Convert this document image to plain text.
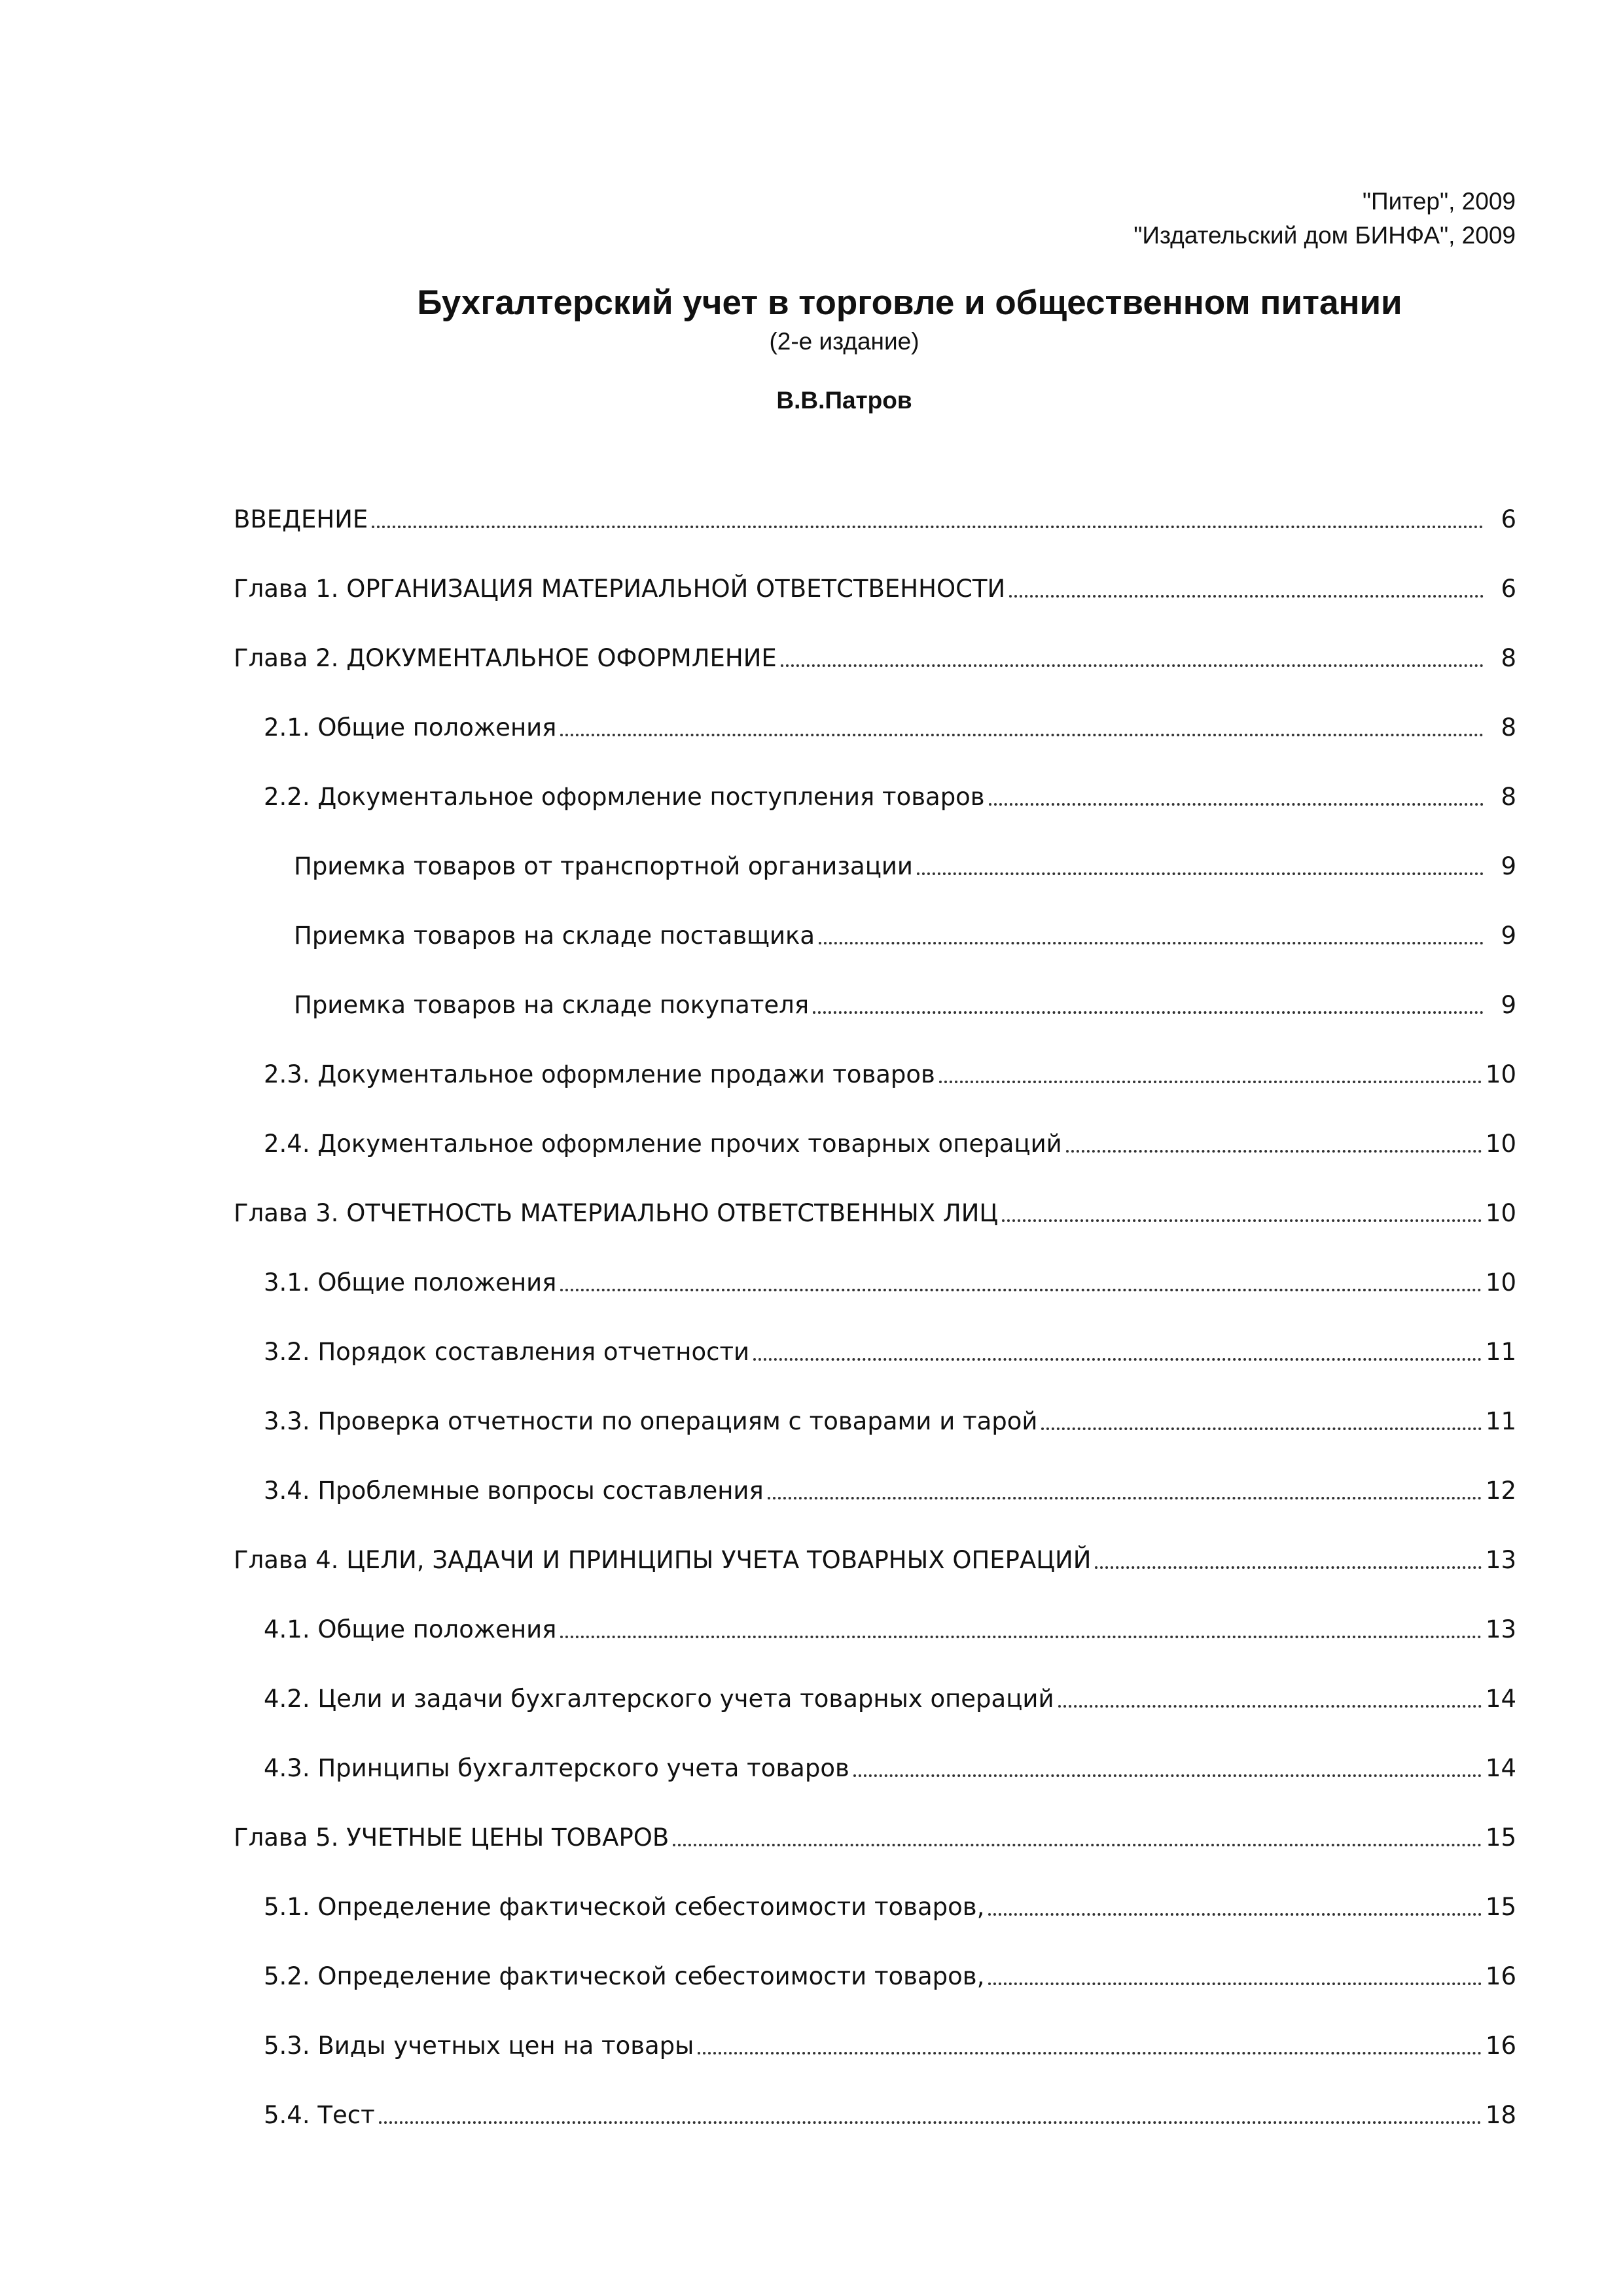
"Питер", 2009
"Издательский дом БИНФА", 2009
Бухгалтерский учет в торговле и общественном питании
(2-е издание)
В.В.Патров
ВВЕДЕНИЕ	6
Глава 1. ОРГАНИЗАЦИЯ МАТЕРИАЛЬНОЙ ОТВЕТСТВЕННОСТИ	6
Глава 2. ДОКУМЕНТАЛЬНОЕ ОФОРМЛЕНИЕ	8
2.1. Общие положения	8
2.2. Документальное оформление поступления товаров	8
Приемка товаров от транспортной организации	9
Приемка товаров на складе поставщика	9
Приемка товаров на складе покупателя	9
2.3. Документальное оформление продажи товаров	10
2.4. Документальное оформление прочих товарных операций	10
Глава 3. ОТЧЕТНОСТЬ МАТЕРИАЛЬНО ОТВЕТСТВЕННЫХ ЛИЦ	10
3.1. Общие положения	10
3.2. Порядок составления отчетности	11
3.3. Проверка отчетности по операциям с товарами и тарой	11
3.4. Проблемные вопросы составления	12
Глава 4. ЦЕЛИ, ЗАДАЧИ И ПРИНЦИПЫ УЧЕТА ТОВАРНЫХ ОПЕРАЦИЙ	13
4.1. Общие положения	13
4.2. Цели и задачи бухгалтерского учета товарных операций	14
4.3. Принципы бухгалтерского учета товаров	14
Глава 5. УЧЕТНЫЕ ЦЕНЫ ТОВАРОВ	15
5.1. Определение фактической себестоимости товаров,	15
5.2. Определение фактической себестоимости товаров,	16
5.3. Виды учетных цен на товары	16
5.4. Тест	18
